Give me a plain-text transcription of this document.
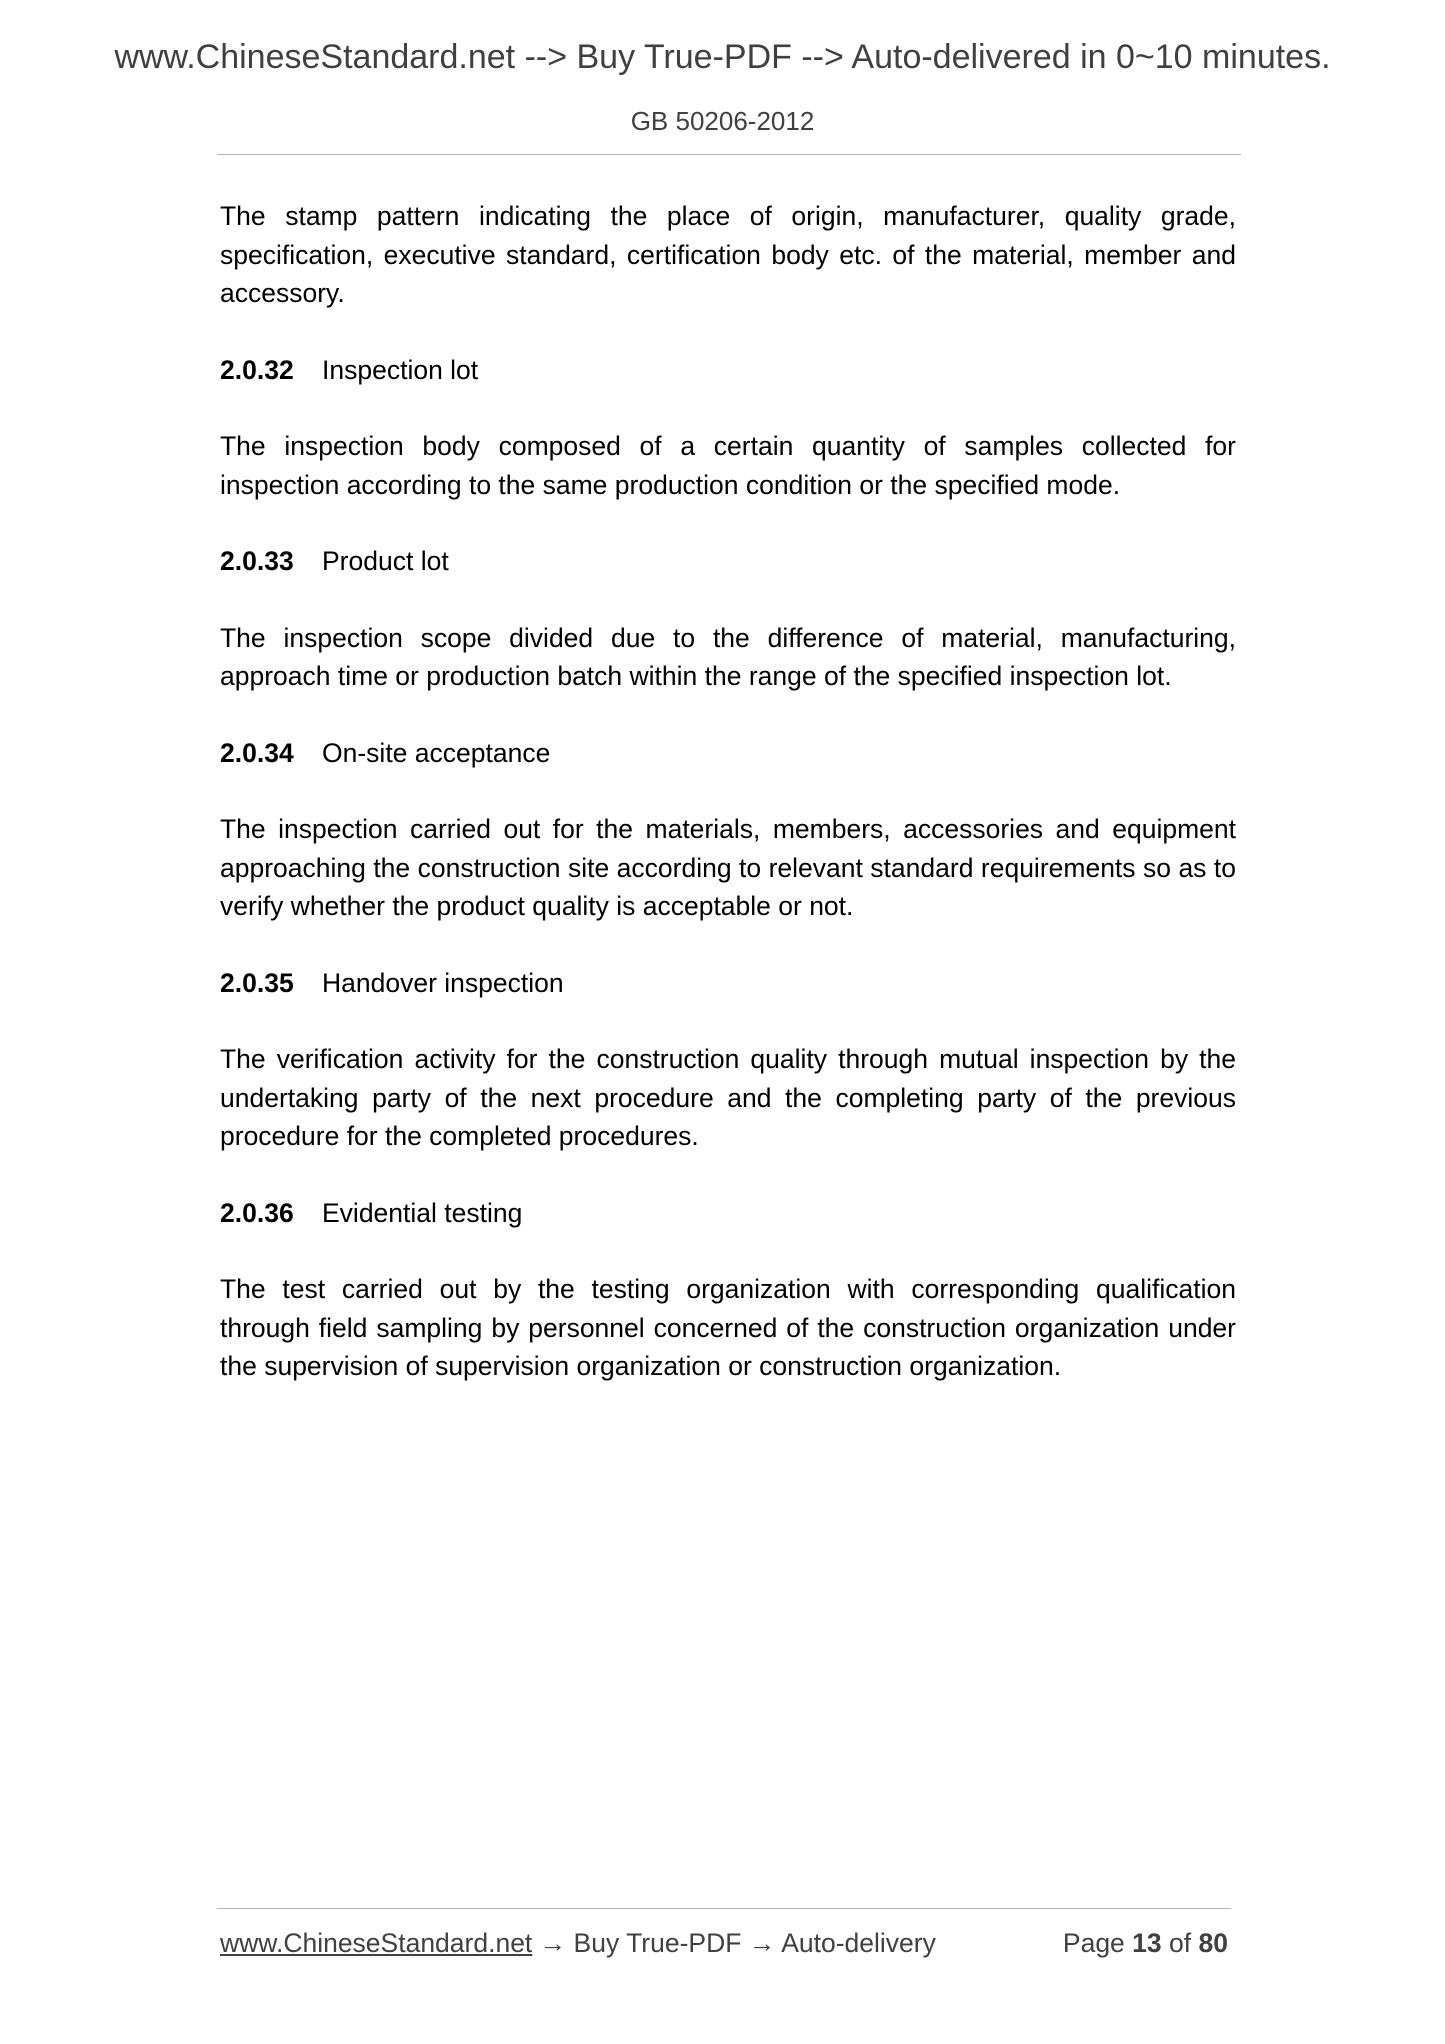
www.ChineseStandard.net --> Buy True-PDF --> Auto-delivered in 0~10 minutes.
GB 50206-2012

The stamp pattern indicating the place of origin, manufacturer, quality grade, specification, executive standard, certification body etc. of the material, member and accessory.

2.0.32 Inspection lot

The inspection body composed of a certain quantity of samples collected for inspection according to the same production condition or the specified mode.

2.0.33 Product lot

The inspection scope divided due to the difference of material, manufacturing, approach time or production batch within the range of the specified inspection lot.

2.0.34 On-site acceptance

The inspection carried out for the materials, members, accessories and equipment approaching the construction site according to relevant standard requirements so as to verify whether the product quality is acceptable or not.

2.0.35 Handover inspection

The verification activity for the construction quality through mutual inspection by the undertaking party of the next procedure and the completing party of the previous procedure for the completed procedures.

2.0.36 Evidential testing

The test carried out by the testing organization with corresponding qualification through field sampling by personnel concerned of the construction organization under the supervision of supervision organization or construction organization.

www.ChineseStandard.net → Buy True-PDF → Auto-delivery	Page 13 of 80
